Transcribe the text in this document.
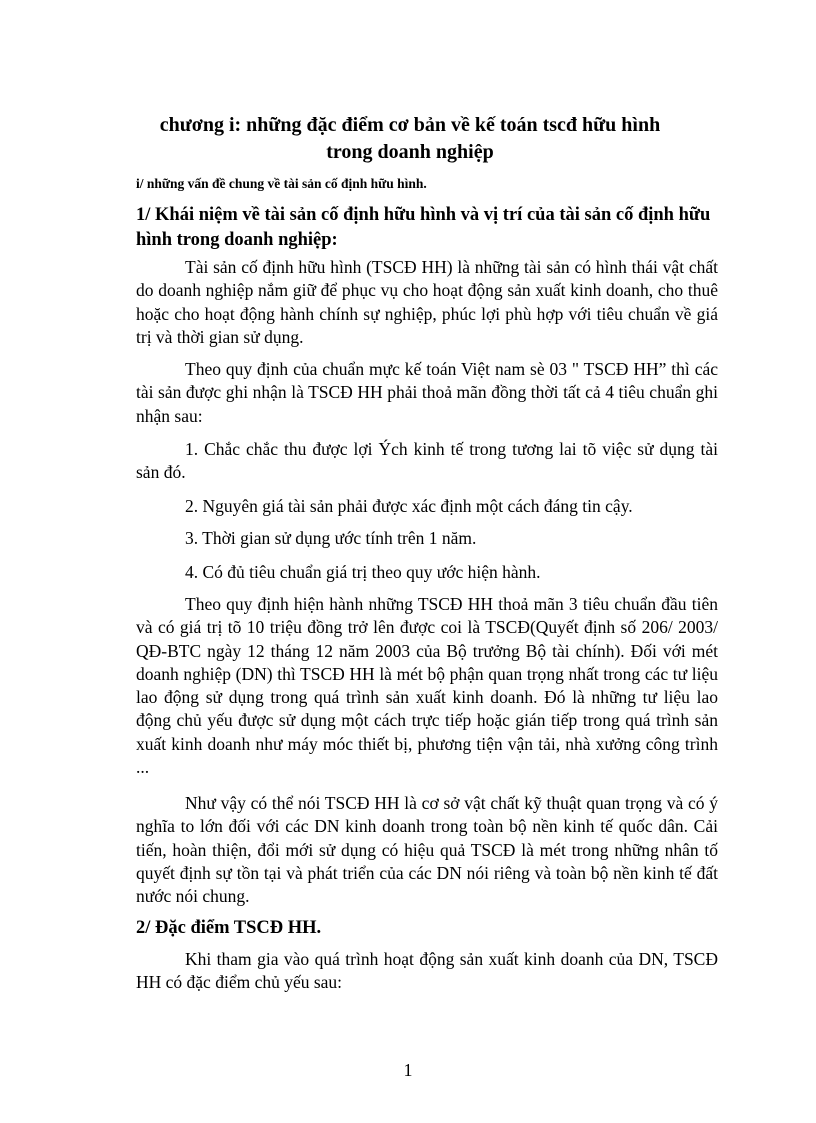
chương i: những đặc điểm cơ bản về kế toán tscđ hữu hình
trong doanh nghiệp

i/ những vấn đề chung về tài sản cố định hữu hình.

1/ Khái niệm về tài sản cố định hữu hình và vị trí của tài sản cố định hữu hình trong doanh nghiệp:

Tài sản cố định hữu hình (TSCĐ HH) là những tài sản có hình thái vật chất do doanh nghiệp nắm giữ để phục vụ cho hoạt động sản xuất kinh doanh, cho thuê hoặc cho hoạt động hành chính sự nghiệp, phúc lợi phù hợp với tiêu chuẩn về giá trị và thời gian sử dụng.

Theo quy định của chuẩn mực kế toán Việt nam sè 03 " TSCĐ HH” thì các tài sản được ghi nhận là TSCĐ HH phải thoả mãn đồng thời tất cả 4 tiêu chuẩn ghi nhận sau:

1. Chắc chắc thu được lợi Ých kinh tế trong tương lai tõ việc sử dụng tài sản đó.

2. Nguyên giá tài sản phải được xác định một cách đáng tin cậy.

3. Thời gian sử dụng ước tính trên 1 năm.

4. Có đủ tiêu chuẩn giá trị theo quy ước hiện hành.

Theo quy định hiện hành những TSCĐ HH thoả mãn 3 tiêu chuẩn đầu tiên và có giá trị tõ 10 triệu đồng trở lên được coi là TSCĐ(Quyết định số 206/ 2003/ QĐ-BTC ngày 12 tháng 12 năm 2003 của Bộ trưởng Bộ tài chính). Đối với mét doanh nghiệp (DN) thì TSCĐ HH là mét bộ phận quan trọng nhất trong các tư liệu lao động sử dụng trong quá trình sản xuất kinh doanh. Đó là những tư liệu lao động chủ yếu được sử dụng một cách trực tiếp hoặc gián tiếp trong quá trình sản xuất kinh doanh như máy móc thiết bị, phương tiện vận tải, nhà xưởng công trình ...

Như vậy có thể nói TSCĐ HH là cơ sở vật chất kỹ thuật quan trọng và có ý nghĩa to lớn đối với các DN kinh doanh trong toàn bộ nền kinh tế quốc dân. Cải tiến, hoàn thiện, đổi mới sử dụng có hiệu quả TSCĐ là mét trong những nhân tố quyết định sự tồn tại và phát triển của các DN nói riêng và toàn bộ nền kinh tế đất nước nói chung.

2/ Đặc điểm TSCĐ HH.

Khi tham gia vào quá trình hoạt động sản xuất kinh doanh của DN, TSCĐ HH có đặc điểm chủ yếu sau:

1
